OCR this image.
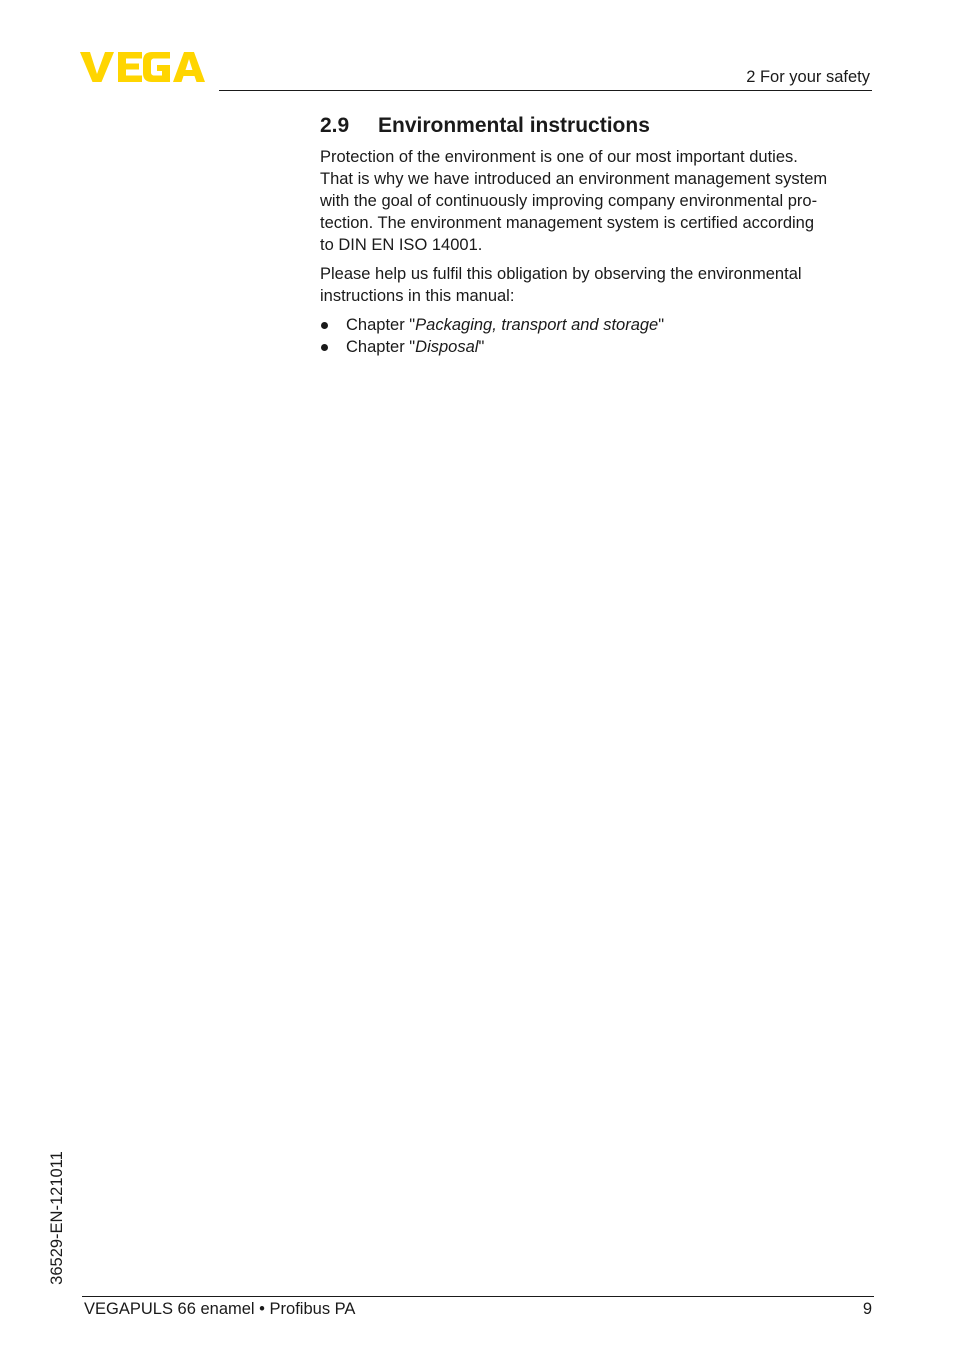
2 For your safety
2.9 Environmental instructions

Protection of the environment is one of our most important duties.
That is why we have introduced an environment management system
with the goal of continuously improving company environmental pro-
tection. The environment management system is certified according
to DIN EN ISO 14001.

Please help us fulfil this obligation by observing the environmental
instructions in this manual:

Chapter "Packaging, transport and storage"
Chapter "Disposal"
36529-EN-121011
VEGAPULS 66 enamel • Profibus PA	9
